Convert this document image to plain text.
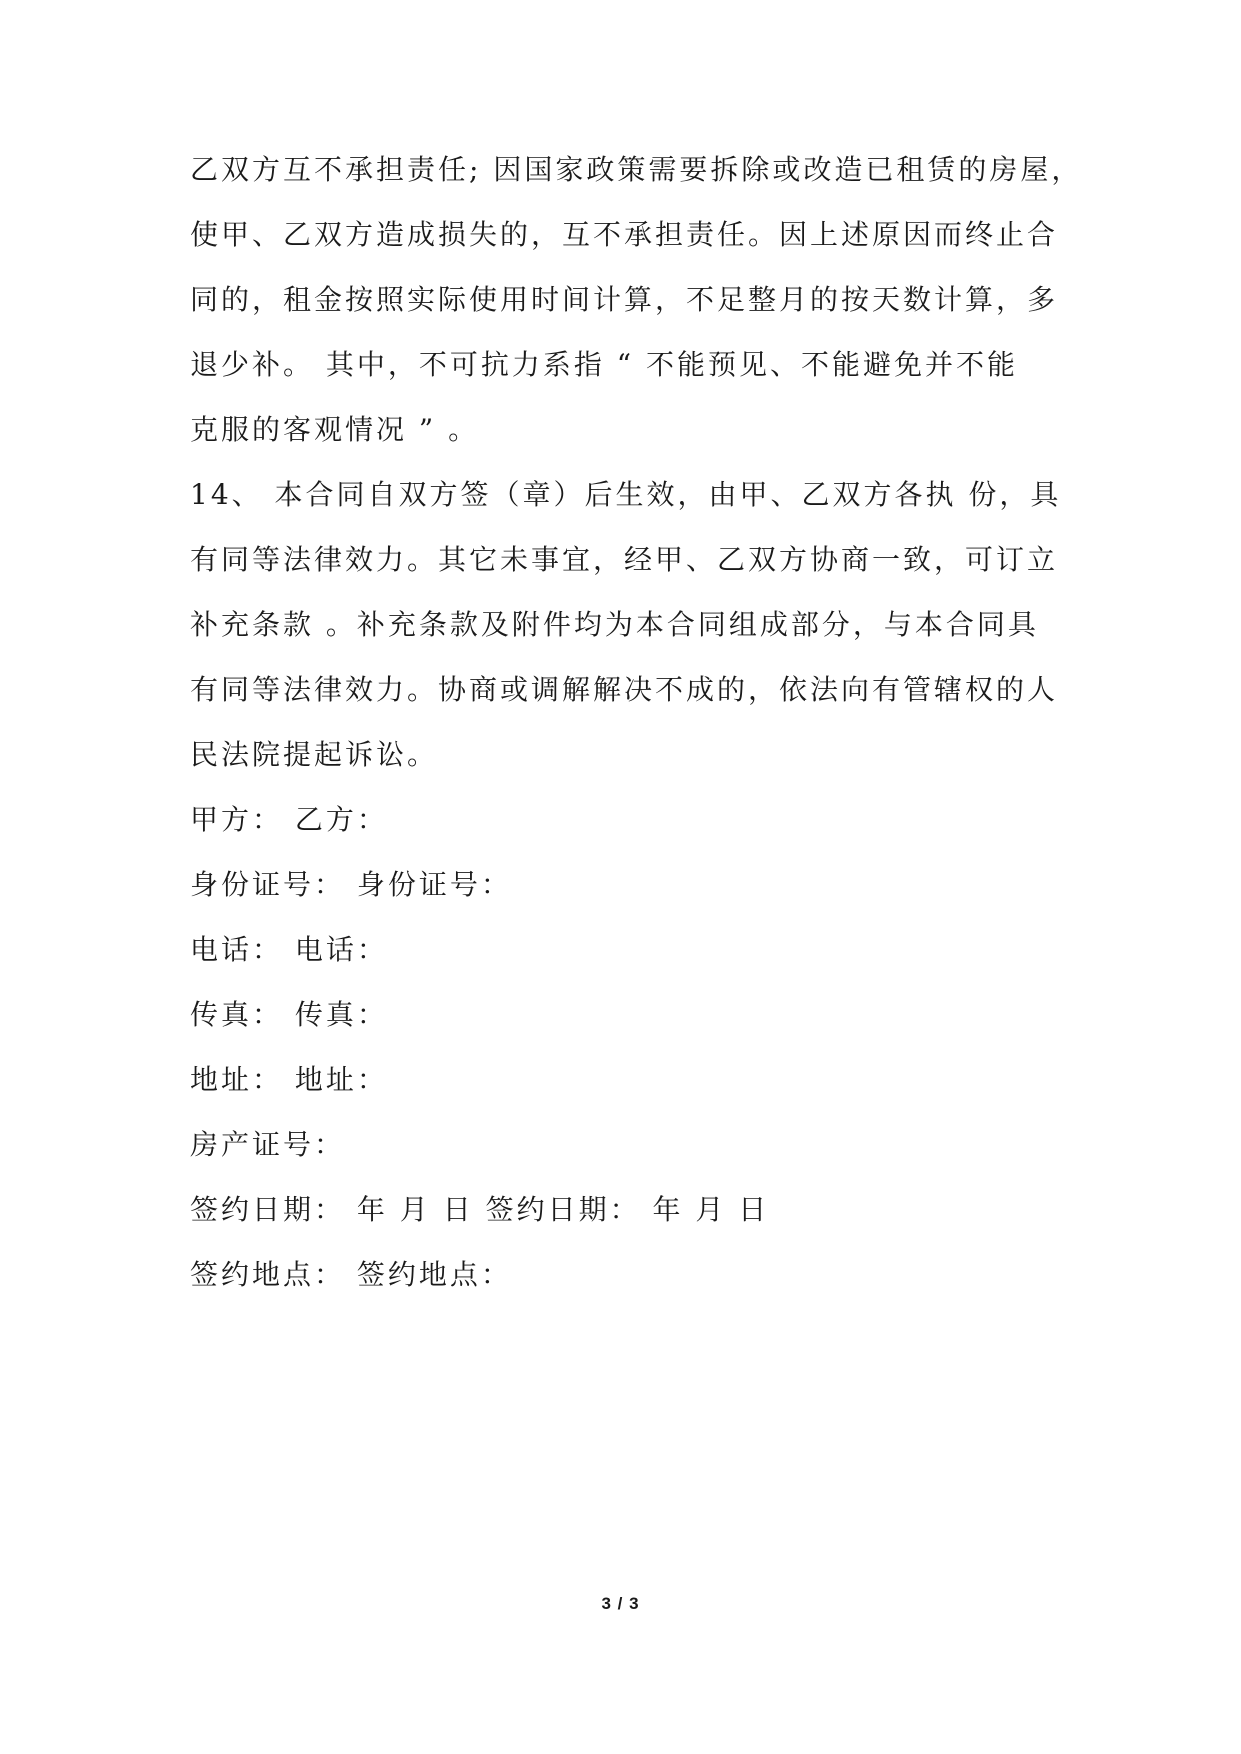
乙双方互不承担责任; 因国家政策需要拆除或改造已租赁的房屋，
使甲、乙双方造成损失的，互不承担责任。因上述原因而终止合
同的，租金按照实际使用时间计算，不足整月的按天数计算，多
退少补。 其中，不可抗力系指 “ 不能预见、不能避免并不能
克服的客观情况 ” 。
14、 本合同自双方签（章）后生效，由甲、乙双方各执 份，具
有同等法律效力。其它未事宜，经甲、乙双方协商一致，可订立
补充条款 。补充条款及附件均为本合同组成部分，与本合同具
有同等法律效力。协商或调解解决不成的，依法向有管辖权的人
民法院提起诉讼。
甲方： 乙方：
身份证号： 身份证号：
电话： 电话：
传真： 传真：
地址： 地址：
房产证号：
签约日期： 年 月 日 签约日期： 年 月 日
签约地点： 签约地点：
3 / 3
